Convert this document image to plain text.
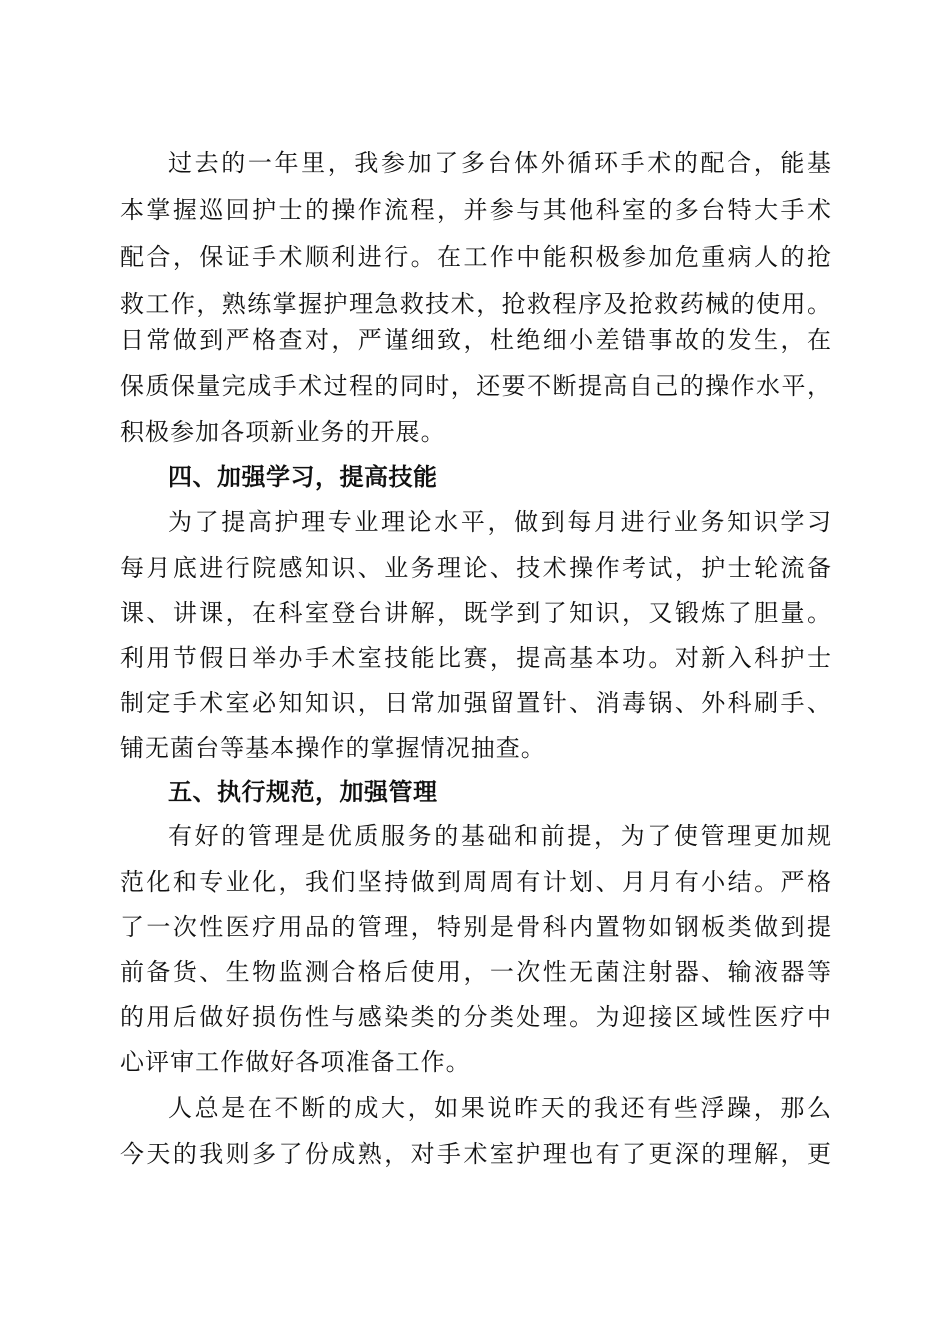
过去的一年里，我参加了多台体外循环手术的配合，能基
本掌握巡回护士的操作流程，并参与其他科室的多台特大手术
配合，保证手术顺利进行。在工作中能积极参加危重病人的抢
救工作，熟练掌握护理急救技术，抢救程序及抢救药械的使用。
日常做到严格查对，严谨细致，杜绝细小差错事故的发生，在
保质保量完成手术过程的同时，还要不断提高自己的操作水平，
积极参加各项新业务的开展。
四、加强学习，提高技能
为了提高护理专业理论水平，做到每月进行业务知识学习
每月底进行院感知识、业务理论、技术操作考试，护士轮流备
课、讲课，在科室登台讲解，既学到了知识，又锻炼了胆量。
利用节假日举办手术室技能比赛，提高基本功。对新入科护士
制定手术室必知知识，日常加强留置针、消毒锅、外科刷手、
铺无菌台等基本操作的掌握情况抽查。
五、执行规范，加强管理
有好的管理是优质服务的基础和前提，为了使管理更加规
范化和专业化，我们坚持做到周周有计划、月月有小结。严格
了一次性医疗用品的管理，特别是骨科内置物如钢板类做到提
前备货、生物监测合格后使用，一次性无菌注射器、输液器等
的用后做好损伤性与感染类的分类处理。为迎接区域性医疗中
心评审工作做好各项准备工作。
人总是在不断的成大，如果说昨天的我还有些浮躁，那么
今天的我则多了份成熟，对手术室护理也有了更深的理解，更
